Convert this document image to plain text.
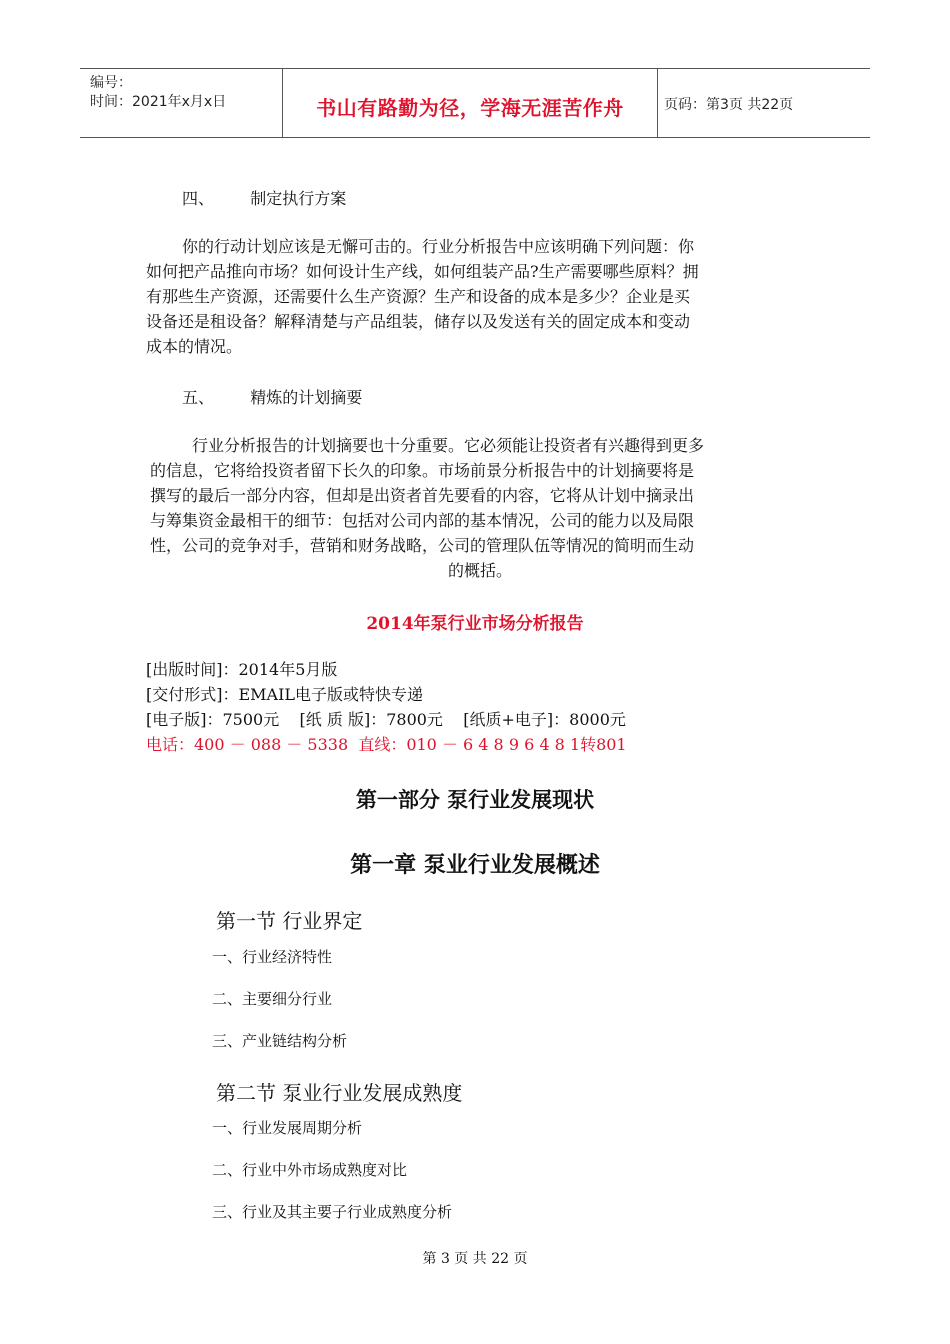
编号：
时间：2021年x月x日	书山有路勤为径，学海无涯苦作舟	页码：第3页 共22页
四、 制定执行方案
你的行动计划应该是无懈可击的。行业分析报告中应该明确下列问题：你
如何把产品推向市场？如何设计生产线，如何组装产品?生产需要哪些原料？拥
有那些生产资源，还需要什么生产资源？生产和设备的成本是多少？企业是买
设备还是租设备？解释清楚与产品组装，储存以及发送有关的固定成本和变动
成本的情况。
五、 精炼的计划摘要
行业分析报告的计划摘要也十分重要。它必须能让投资者有兴趣得到更多
的信息，它将给投资者留下长久的印象。市场前景分析报告中的计划摘要将是
撰写的最后一部分内容，但却是出资者首先要看的内容，它将从计划中摘录出
与筹集资金最相干的细节：包括对公司内部的基本情况，公司的能力以及局限
性，公司的竞争对手，营销和财务战略，公司的管理队伍等情况的简明而生动
的概括。
2014年泵行业市场分析报告
[出版时间]：2014年5月版
[交付形式]：EMAIL电子版或特快专递
[电子版]：7500元    [纸 质 版]：7800元    [纸质+电子]：8000元
电话：400 － 088 － 5338  直线：010 － 6 4 8 9 6 4 8 1转801
第一部分 泵行业发展现状
第一章 泵业行业发展概述
第一节 行业界定
一、行业经济特性
二、主要细分行业
三、产业链结构分析
第二节 泵业行业发展成熟度
一、行业发展周期分析
二、行业中外市场成熟度对比
三、行业及其主要子行业成熟度分析
第 3 页 共 22 页
